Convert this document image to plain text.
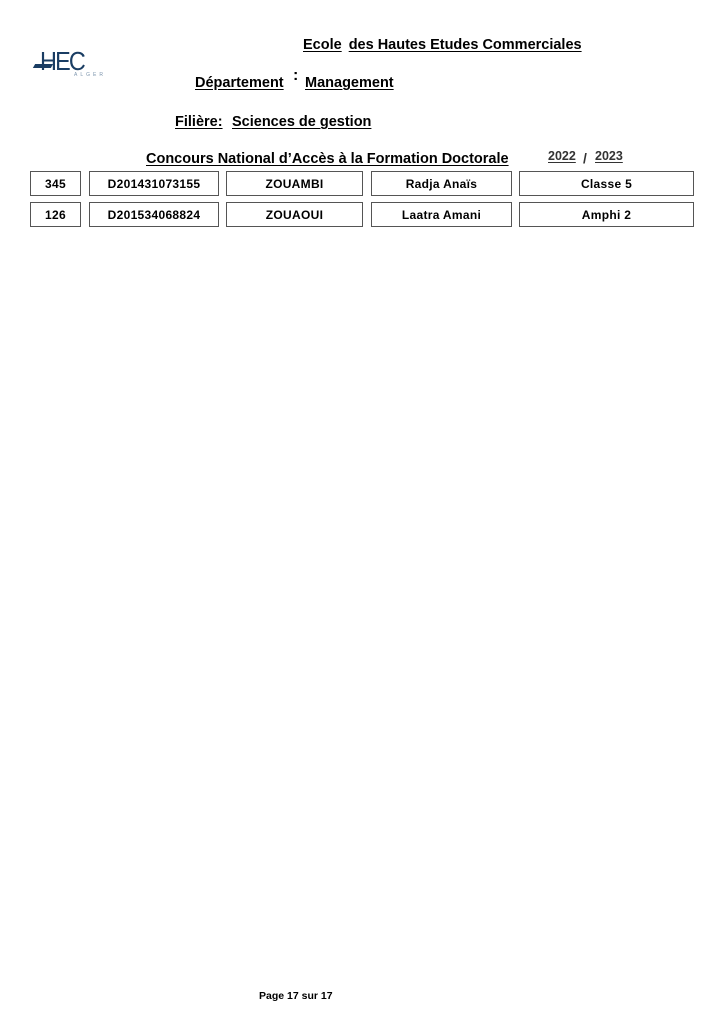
HEC
ALGER
Ecole des Hautes Etudes Commerciales
Département : Management
Filière: Sciences de gestion
Concours National d’Accès à la Formation Doctorale	2022 / 2023
345	D201431073155	ZOUAMBI	Radja Anaïs	Classe 5
126	D201534068824	ZOUAOUI	Laatra Amani	Amphi 2
Page 17 sur 17
